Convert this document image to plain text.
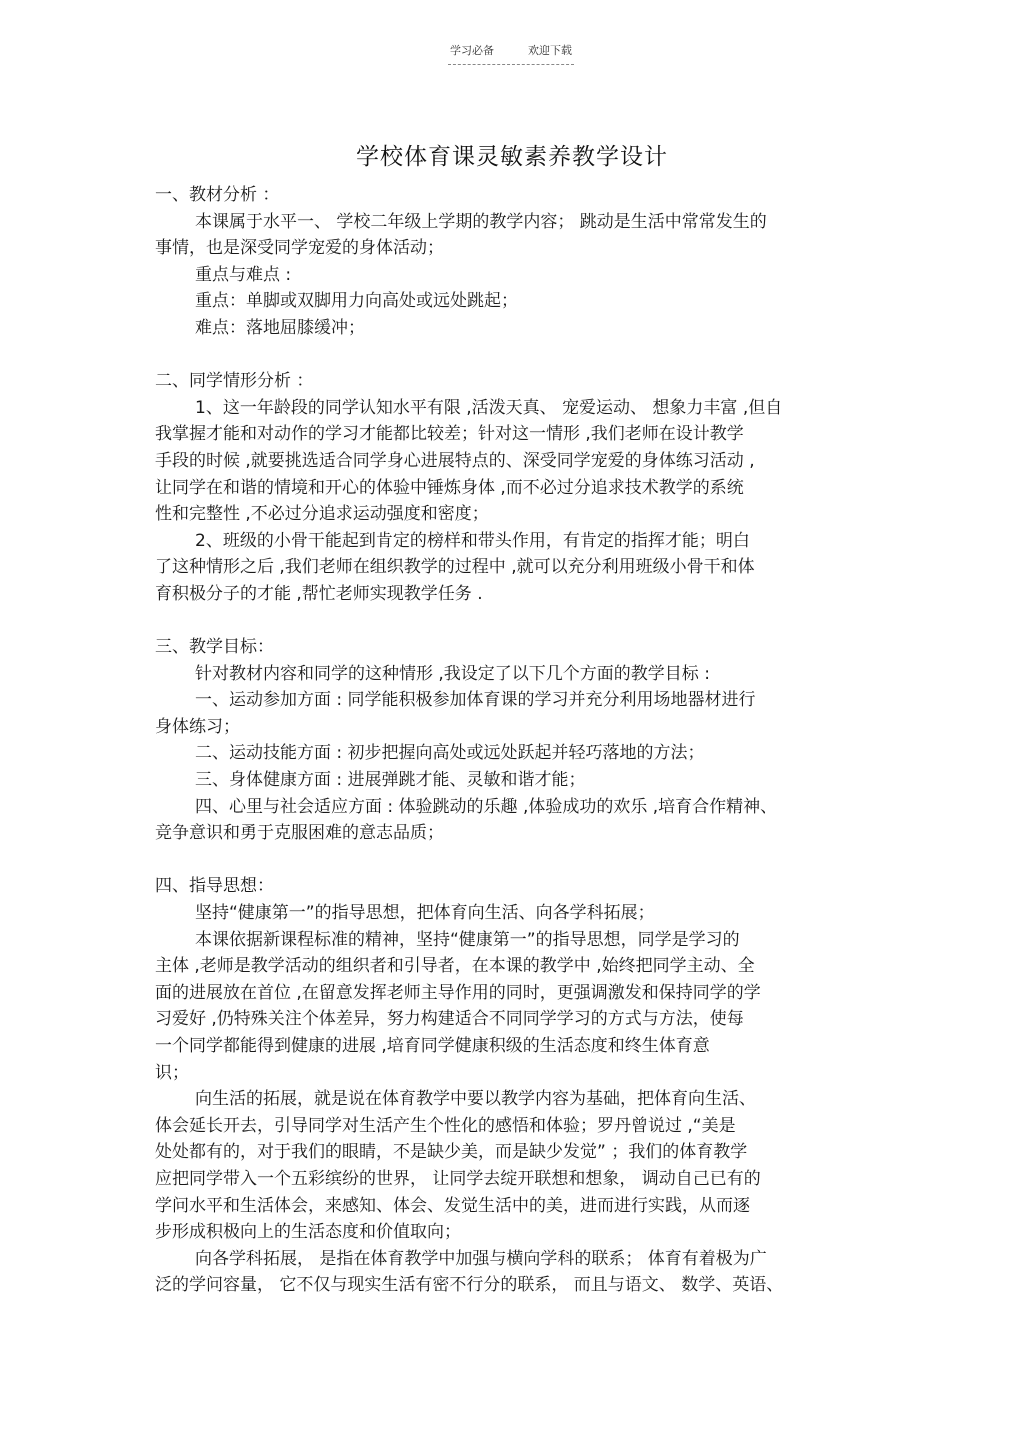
学习必备	欢迎下载
学校体育课灵敏素养教学设计
一、教材分析 ：
本课属于水平一、 学校二年级上学期的教学内容； 跳动是生活中常常发生的
事情，也是深受同学宠爱的身体活动；
重点与难点 :
重点：单脚或双脚用力向高处或远处跳起；
难点：落地屈膝缓冲；
二、同学情形分析 ：
1、这一年龄段的同学认知水平有限 ,活泼天真、 宠爱运动、 想象力丰富 ,但自
我掌握才能和对动作的学习才能都比较差；针对这一情形 ,我们老师在设计教学
手段的时候 ,就要挑选适合同学身心进展特点的、深受同学宠爱的身体练习活动 ,
让同学在和谐的情境和开心的体验中锤炼身体 ,而不必过分追求技术教学的系统
性和完整性 ,不必过分追求运动强度和密度；
2、班级的小骨干能起到肯定的榜样和带头作用，有肯定的指挥才能；明白
了这种情形之后 ,我们老师在组织教学的过程中 ,就可以充分利用班级小骨干和体
育积极分子的才能 ,帮忙老师实现教学任务 .
三、教学目标：
针对教材内容和同学的这种情形 ,我设定了以下几个方面的教学目标 :
一、运动参加方面 : 同学能积极参加体育课的学习并充分利用场地器材进行
身体练习；
二、运动技能方面 : 初步把握向高处或远处跃起并轻巧落地的方法；
三、身体健康方面 : 进展弹跳才能、灵敏和谐才能；
四、心里与社会适应方面 : 体验跳动的乐趣 ,体验成功的欢乐 ,培育合作精神、
竞争意识和勇于克服困难的意志品质；
四、指导思想：
坚持“健康第一”的指导思想，把体育向生活、向各学科拓展；
本课依据新课程标准的精神，坚持“健康第一”的指导思想，同学是学习的
主体 ,老师是教学活动的组织者和引导者，在本课的教学中 ,始终把同学主动、全
面的进展放在首位 ,在留意发挥老师主导作用的同时，更强调激发和保持同学的学
习爱好 ,仍特殊关注个体差异，努力构建适合不同同学学习的方式与方法，使每
一个同学都能得到健康的进展 ,培育同学健康积级的生活态度和终生体育意
识；
向生活的拓展，就是说在体育教学中要以教学内容为基础，把体育向生活、
体会延长开去，引导同学对生活产生个性化的感悟和体验；罗丹曾说过 ,“美是
处处都有的，对于我们的眼睛，不是缺少美，而是缺少发觉” ；我们的体育教学
应把同学带入一个五彩缤纷的世界， 让同学去绽开联想和想象， 调动自己已有的
学问水平和生活体会，来感知、体会、发觉生活中的美，进而进行实践，从而逐
步形成积极向上的生活态度和价值取向；
向各学科拓展， 是指在体育教学中加强与横向学科的联系； 体育有着极为广
泛的学问容量， 它不仅与现实生活有密不行分的联系， 而且与语文、 数学、英语、
